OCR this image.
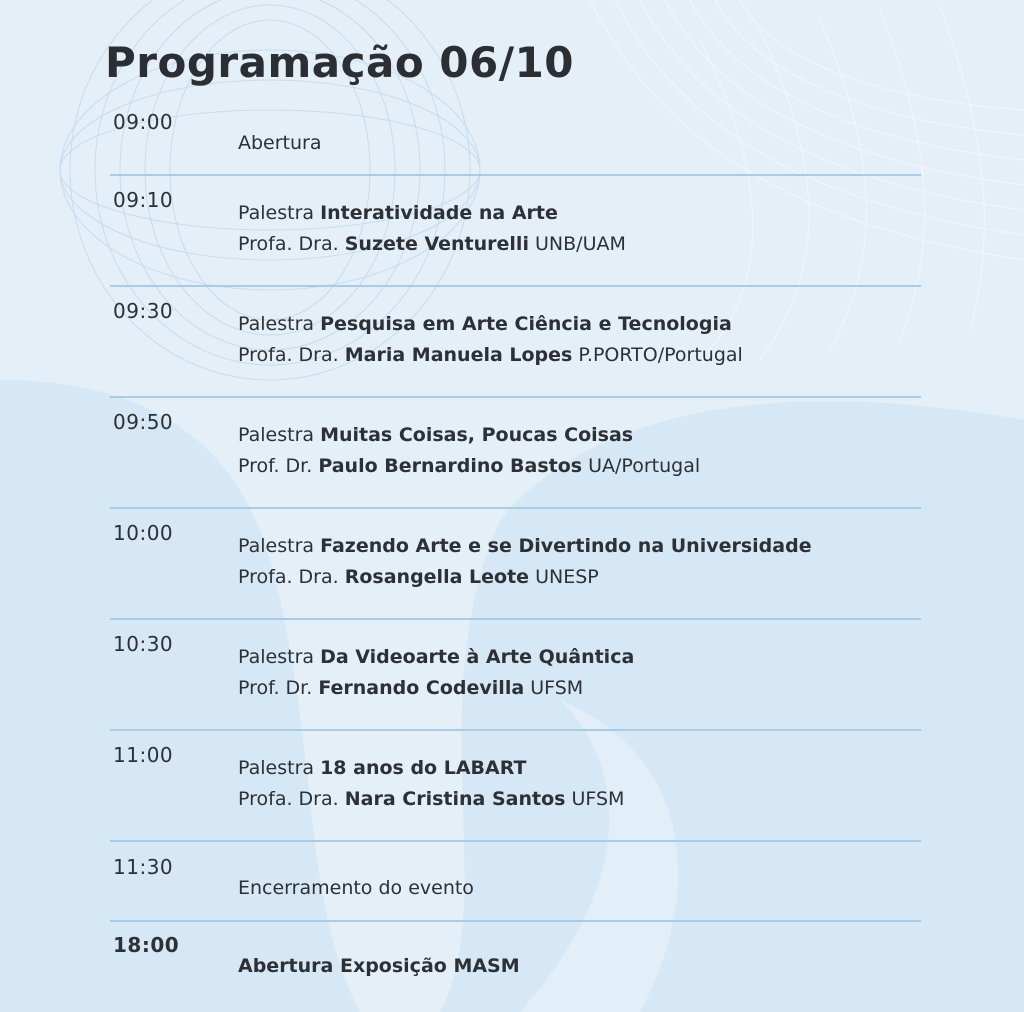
Programação 06/10
09:00
Abertura
09:10
Palestra Interatividade na Arte
Profa. Dra. Suzete Venturelli UNB/UAM
09:30
Palestra Pesquisa em Arte Ciência e Tecnologia
Profa. Dra. Maria Manuela Lopes P.PORTO/Portugal
09:50
Palestra Muitas Coisas, Poucas Coisas
Prof. Dr. Paulo Bernardino Bastos UA/Portugal
10:00
Palestra Fazendo Arte e se Divertindo na Universidade
Profa. Dra. Rosangella Leote UNESP
10:30
Palestra Da Videoarte à Arte Quântica
Prof. Dr. Fernando Codevilla UFSM
11:00
Palestra 18 anos do LABART
Profa. Dra. Nara Cristina Santos UFSM
11:30
Encerramento do evento
18:00
Abertura Exposição MASM
